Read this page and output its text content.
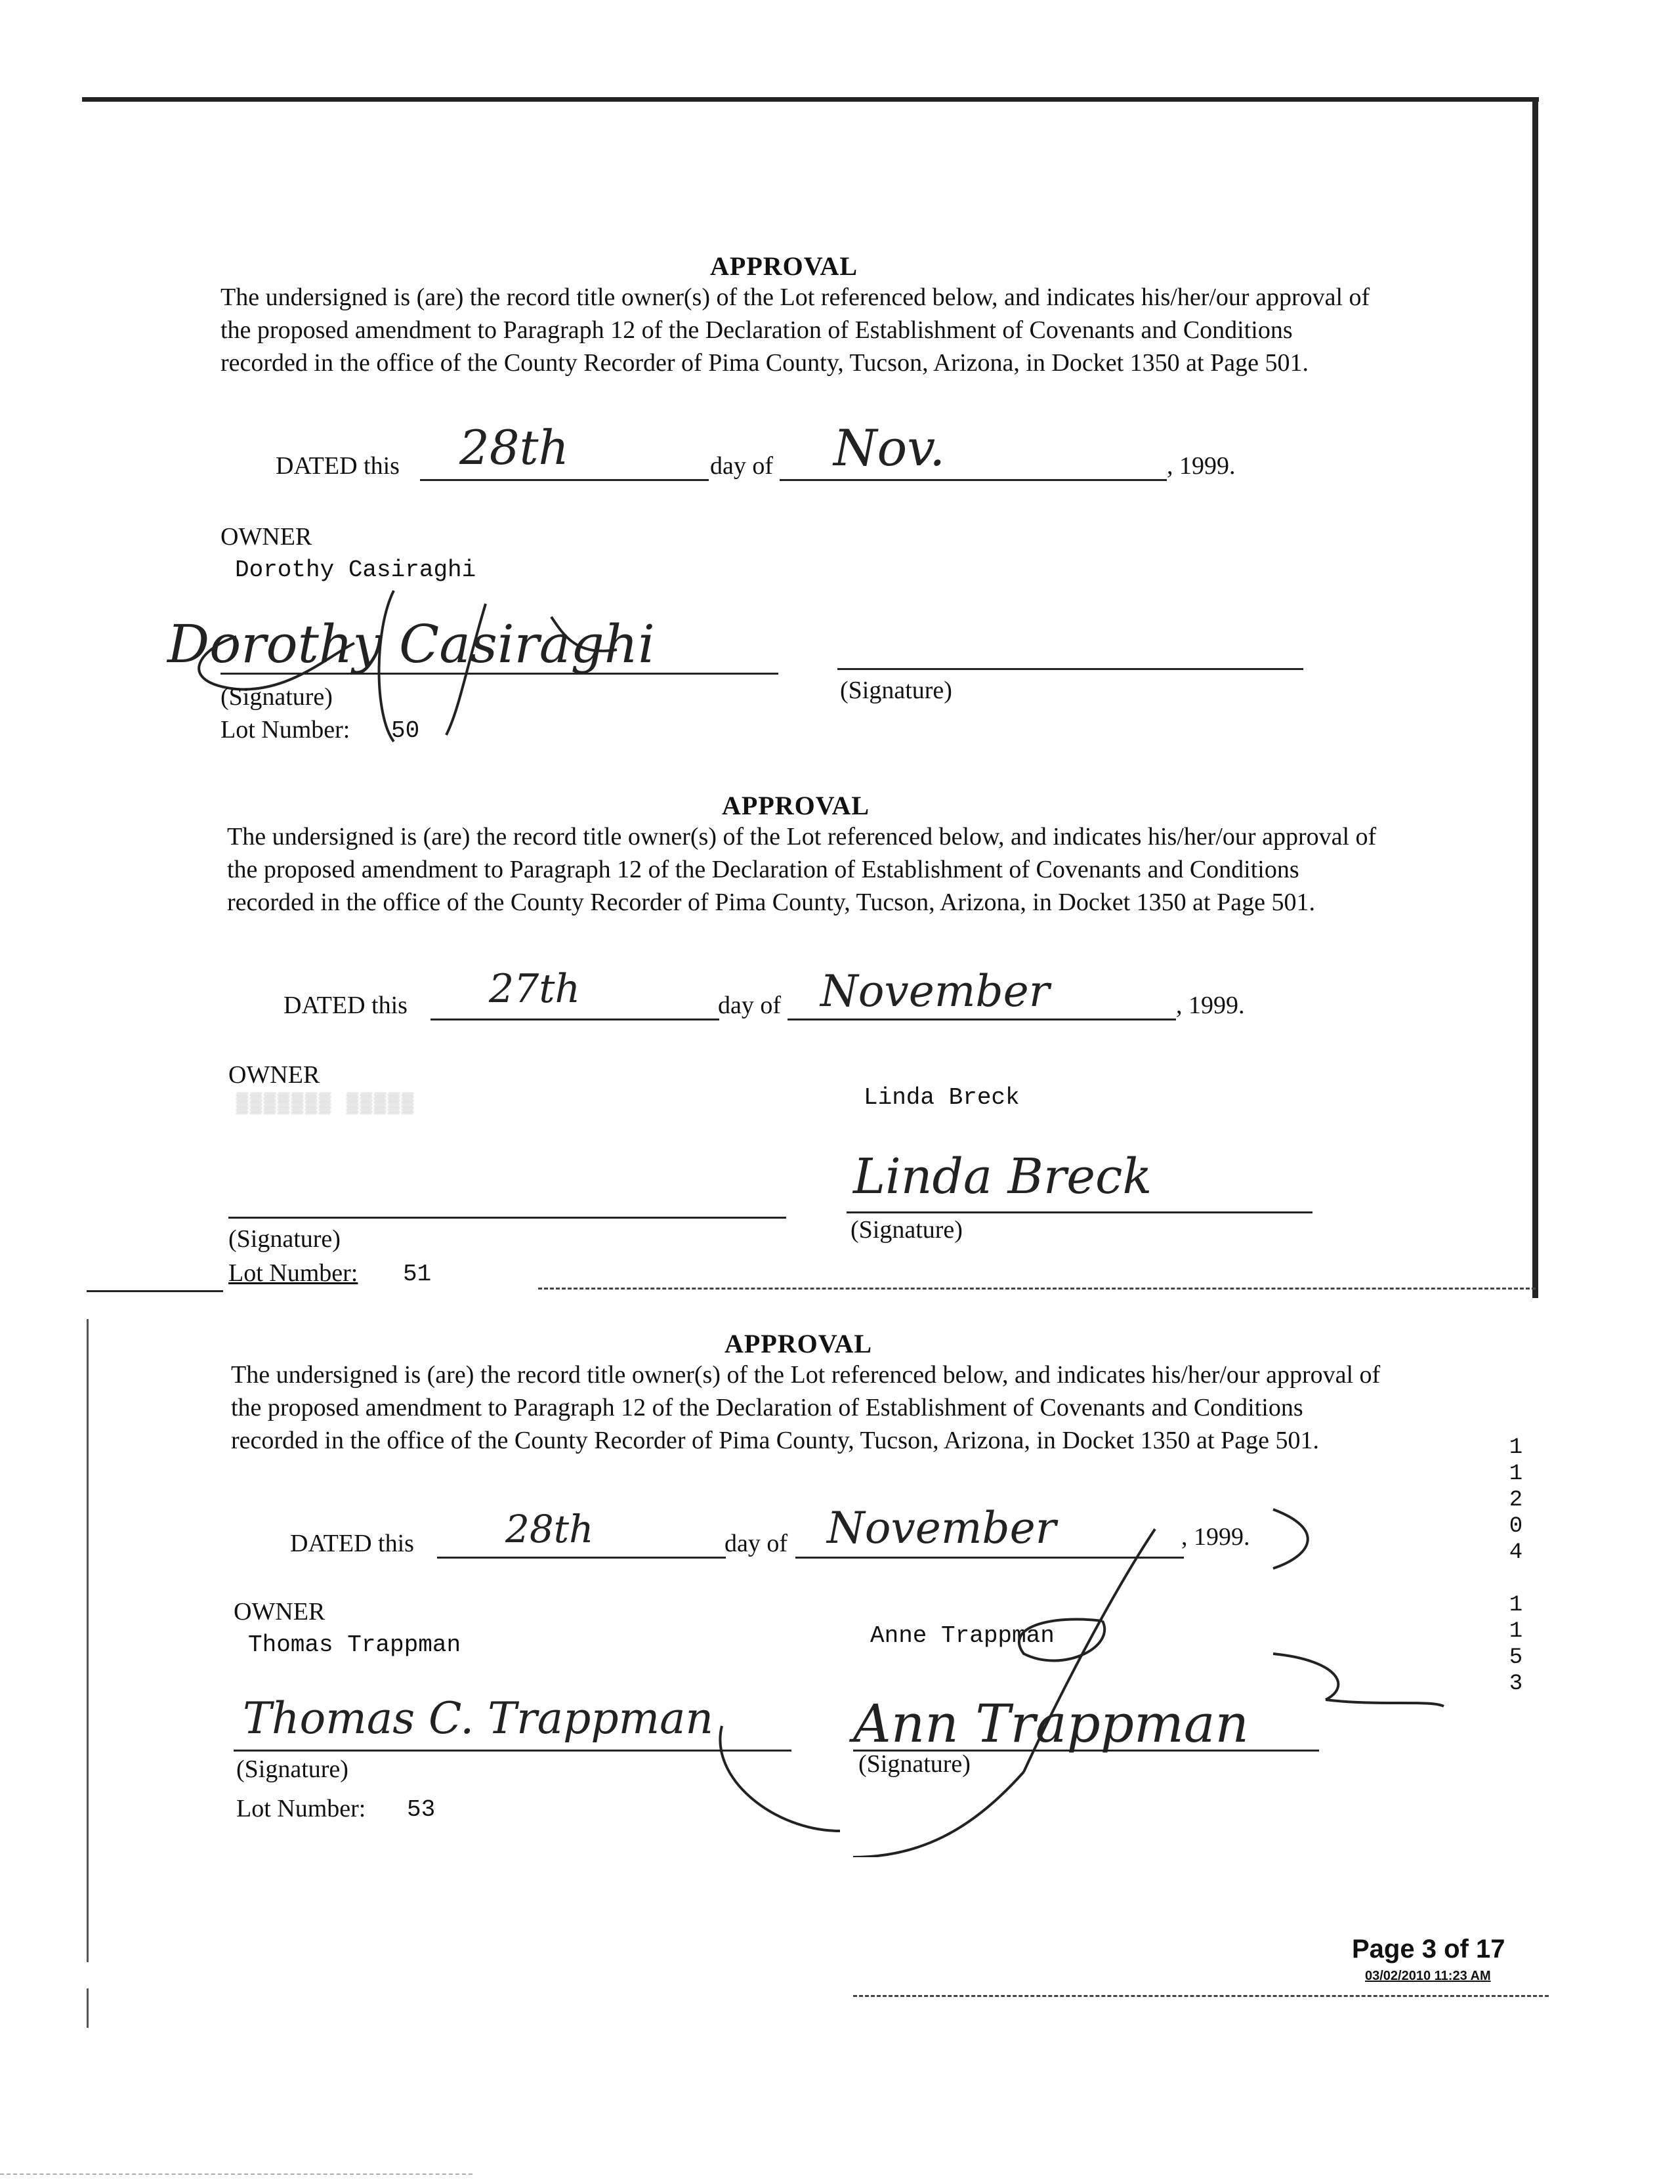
APPROVAL
The undersigned is (are) the record title owner(s) of the Lot referenced below, and indicates his/her/our approval of the proposed amendment to Paragraph 12 of the Declaration of Establishment of Covenants and Conditions recorded in the office of the County Recorder of Pima County, Tucson, Arizona, in Docket 1350 at Page 501.
DATED this 28th	day of Nov.	, 1999.
OWNER
Dorothy Casiraghi
Dorothy Casiraghi
(Signature)	(Signature)
Lot Number: 50
APPROVAL
The undersigned is (are) the record title owner(s) of the Lot referenced below, and indicates his/her/our approval of the proposed amendment to Paragraph 12 of the Declaration of Establishment of Covenants and Conditions recorded in the office of the County Recorder of Pima County, Tucson, Arizona, in Docket 1350 at Page 501.
DATED this 27th	day of November	, 1999.
OWNER
▒▒▒▒▒▒▒ ▒▒▒▒▒	Linda Breck
Linda Breck
(Signature)	(Signature)
Lot Number: 51
APPROVAL
The undersigned is (are) the record title owner(s) of the Lot referenced below, and indicates his/her/our approval of the proposed amendment to Paragraph 12 of the Declaration of Establishment of Covenants and Conditions recorded in the office of the County Recorder of Pima County, Tucson, Arizona, in Docket 1350 at Page 501.
DATED this 28th	day of November	, 1999.
OWNER
Thomas Trappman	Anne Trappman
Thomas C. Trappman	Ann Trappman
(Signature)	(Signature)
Lot Number: 53
1
1
2
0
4
1
1
5
3
Page 3 of 17
03/02/2010 11:23 AM
